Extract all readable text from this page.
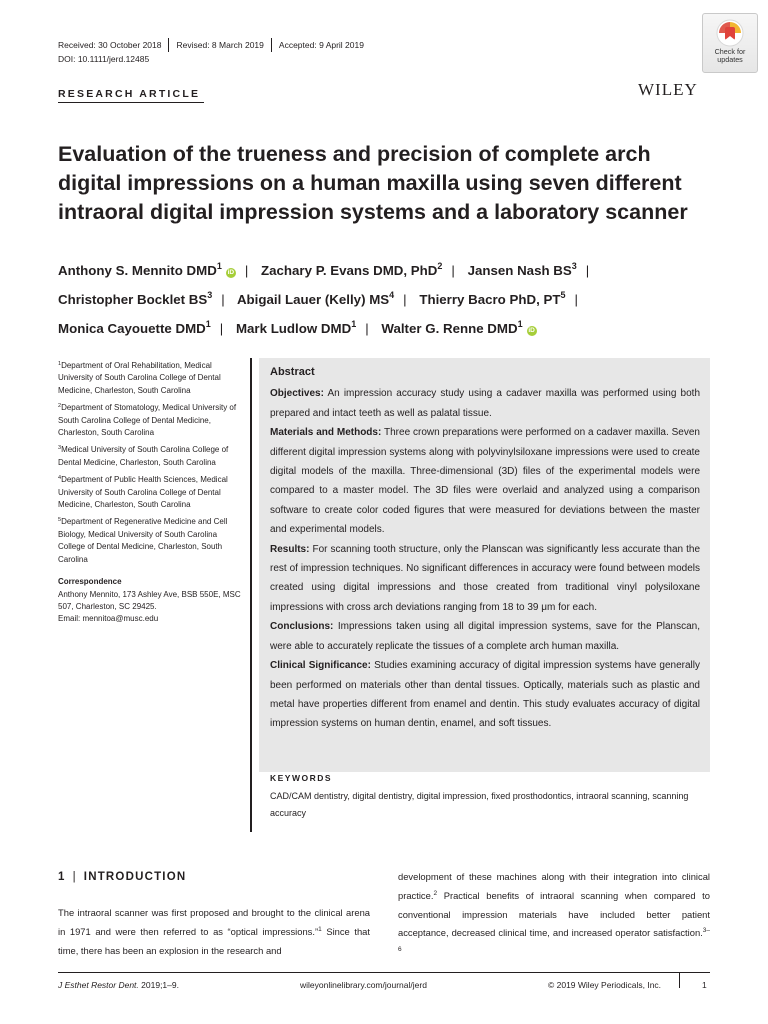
Received: 30 October 2018 Revised: 8 March 2019 Accepted: 9 April 2019
DOI: 10.1111/jerd.12485
Check for
updates
RESEARCH ARTICLE	WILEY
Evaluation of the trueness and precision of complete arch digital impressions on a human maxilla using seven different intraoral digital impression systems and a laboratory scanner
Anthony S. Mennito DMD$^1$iD | Zachary P. Evans DMD, PhD$^2$ | Jansen Nash $BS^3$ | Christopher Bocklet $BS^3$ | Abigail Lauer (Kelly) $MS^4$ | Thierry Bacro PhD, $PT^5$ | Monica Cayouette DMD$^1$ | Mark Ludlow DMD$^1$ | Walter G. Renne DMD$^1$iD

$^1$Department of Oral Rehabilitation, Medical University of South Carolina College of Dental Medicine, Charleston, South Carolina

$^2$Department of Stomatology, Medical University of South Carolina College of Dental Medicine, Charleston, South Carolina

$^3$Medical University of South Carolina College of Dental Medicine, Charleston, South Carolina

$^4$Department of Public Health Sciences, Medical University of South Carolina College of Dental Medicine, Charleston, South Carolina

$^5$Department of Regenerative Medicine and Cell Biology, Medical University of South Carolina College of Dental Medicine, Charleston, South Carolina

Correspondence

Anthony Mennito, 173 Ashley Ave, BSB 550E, MSC 507, Charleston, SC 29425.

Email: mennitoa@musc.edu

Abstract

Objectives: An impression accuracy study using a cadaver maxilla was performed using both prepared and intact teeth as well as palatal tissue.

Materials and Methods: Three crown preparations were performed on a cadaver maxilla. Seven different digital impression systems along with polyvinylsiloxane impressions were used to create digital models of the maxilla. Three-dimensional (3D) files of the experimental models were compared to a master model. The 3D files were overlaid and analyzed using a comparison software to create color coded figures that were measured for deviations between the master and experimental models.

Results: For scanning tooth structure, only the Planscan was significantly less accurate than the rest of impression techniques. No significant differences in accuracy were found between models created using digital impressions and those created from traditional vinyl polysiloxane impressions with cross arch deviations ranging from 18 to 39 μm for each.

Conclusions: Impressions taken using all digital impression systems, save for the Planscan, were able to accurately replicate the tissues of a complete arch human maxilla.

Clinical Significance: Studies examining accuracy of digital impression systems have generally been performed on materials other than dental tissues. Optically, materials such as plastic and metal have properties different from enamel and dentin. This study evaluates accuracy of digital impression systems on human dentin, enamel, and soft tissues.

KEYWORDS
CAD/CAM dentistry, digital dentistry, digital impression, fixed prosthodontics, intraoral scanning, scanning accuracy
1 | INTRODUCTION

The intraoral scanner was first proposed and brought to the clinical arena in 1971 and were then referred to as “optical impressions.”$^1$ Since that time, there has been an explosion in the research and

development of these machines along with their integration into clinical practice.$^2$ Practical benefits of intraoral scanning when compared to conventional impression materials have included better patient acceptance, decreased clinical time, and increased operator satisfaction.$^{3-6}$

J Esthet Restor Dent. 2019;1–9.	wileyonlinelibrary.com/journal/jerd	© 2019 Wiley Periodicals, Inc.	1
